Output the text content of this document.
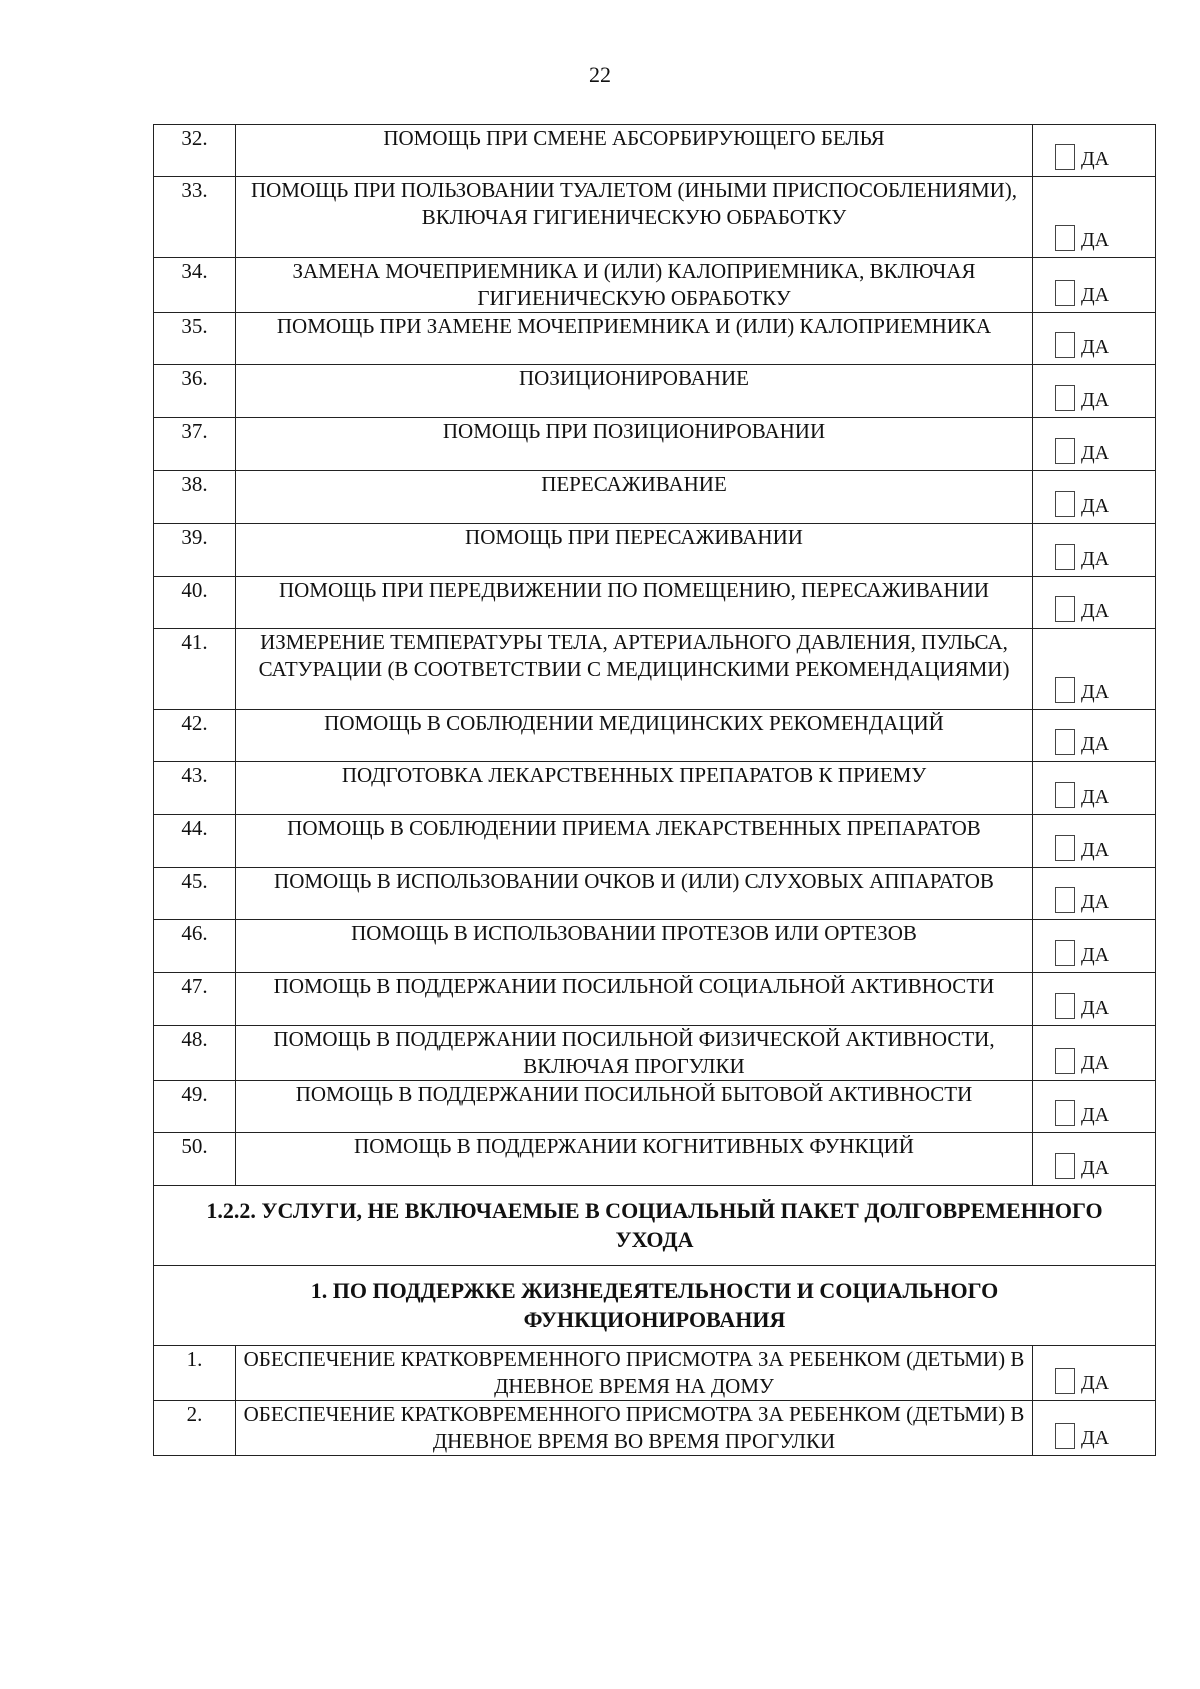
22
32.	ПОМОЩЬ ПРИ СМЕНЕ АБСОРБИРУЮЩЕГО БЕЛЬЯ	ДА

33.	ПОМОЩЬ ПРИ ПОЛЬЗОВАНИИ ТУАЛЕТОМ (ИНЫМИ ПРИСПОСОБЛЕНИЯМИ), ВКЛЮЧАЯ ГИГИЕНИЧЕСКУЮ ОБРАБОТКУ	ДА

34.	ЗАМЕНА МОЧЕПРИЕМНИКА И (ИЛИ) КАЛОПРИЕМНИКА, ВКЛЮЧАЯ ГИГИЕНИЧЕСКУЮ ОБРАБОТКУ	ДА

35.	ПОМОЩЬ ПРИ ЗАМЕНЕ МОЧЕПРИЕМНИКА И (ИЛИ) КАЛОПРИЕМНИКА	ДА

36.	ПОЗИЦИОНИРОВАНИЕ	ДА

37.	ПОМОЩЬ ПРИ ПОЗИЦИОНИРОВАНИИ	ДА

38.	ПЕРЕСАЖИВАНИЕ	ДА

39.	ПОМОЩЬ ПРИ ПЕРЕСАЖИВАНИИ	ДА

40.	ПОМОЩЬ ПРИ ПЕРЕДВИЖЕНИИ ПО ПОМЕЩЕНИЮ, ПЕРЕСАЖИВАНИИ	ДА

41.	ИЗМЕРЕНИЕ ТЕМПЕРАТУРЫ ТЕЛА, АРТЕРИАЛЬНОГО ДАВЛЕНИЯ, ПУЛЬСА, САТУРАЦИИ (В СООТВЕТСТВИИ С МЕДИЦИНСКИМИ РЕКОМЕНДАЦИЯМИ)	ДА

42.	ПОМОЩЬ В СОБЛЮДЕНИИ МЕДИЦИНСКИХ РЕКОМЕНДАЦИЙ	ДА

43.	ПОДГОТОВКА ЛЕКАРСТВЕННЫХ ПРЕПАРАТОВ К ПРИЕМУ	ДА

44.	ПОМОЩЬ В СОБЛЮДЕНИИ ПРИЕМА ЛЕКАРСТВЕННЫХ ПРЕПАРАТОВ	ДА

45.	ПОМОЩЬ В ИСПОЛЬЗОВАНИИ ОЧКОВ И (ИЛИ) СЛУХОВЫХ АППАРАТОВ	ДА

46.	ПОМОЩЬ В ИСПОЛЬЗОВАНИИ ПРОТЕЗОВ ИЛИ ОРТЕЗОВ	ДА

47.	ПОМОЩЬ В ПОДДЕРЖАНИИ ПОСИЛЬНОЙ СОЦИАЛЬНОЙ АКТИВНОСТИ	ДА

48.	ПОМОЩЬ В ПОДДЕРЖАНИИ ПОСИЛЬНОЙ ФИЗИЧЕСКОЙ АКТИВНОСТИ, ВКЛЮЧАЯ ПРОГУЛКИ	ДА

49.	ПОМОЩЬ В ПОДДЕРЖАНИИ ПОСИЛЬНОЙ БЫТОВОЙ АКТИВНОСТИ	ДА

50.	ПОМОЩЬ В ПОДДЕРЖАНИИ КОГНИТИВНЫХ ФУНКЦИЙ	ДА

1.2.2. УСЛУГИ, НЕ ВКЛЮЧАЕМЫЕ В СОЦИАЛЬНЫЙ ПАКЕТ ДОЛГОВРЕМЕННОГО УХОДА		
1. ПО ПОДДЕРЖКЕ ЖИЗНЕДЕЯТЕЛЬНОСТИ И СОЦИАЛЬНОГО ФУНКЦИОНИРОВАНИЯ		
1.	ОБЕСПЕЧЕНИЕ КРАТКОВРЕМЕННОГО ПРИСМОТРА ЗА РЕБЕНКОМ (ДЕТЬМИ) В ДНЕВНОЕ ВРЕМЯ НА ДОМУ	ДА

2.	ОБЕСПЕЧЕНИЕ КРАТКОВРЕМЕННОГО ПРИСМОТРА ЗА РЕБЕНКОМ (ДЕТЬМИ) В ДНЕВНОЕ ВРЕМЯ ВО ВРЕМЯ ПРОГУЛКИ	ДА
